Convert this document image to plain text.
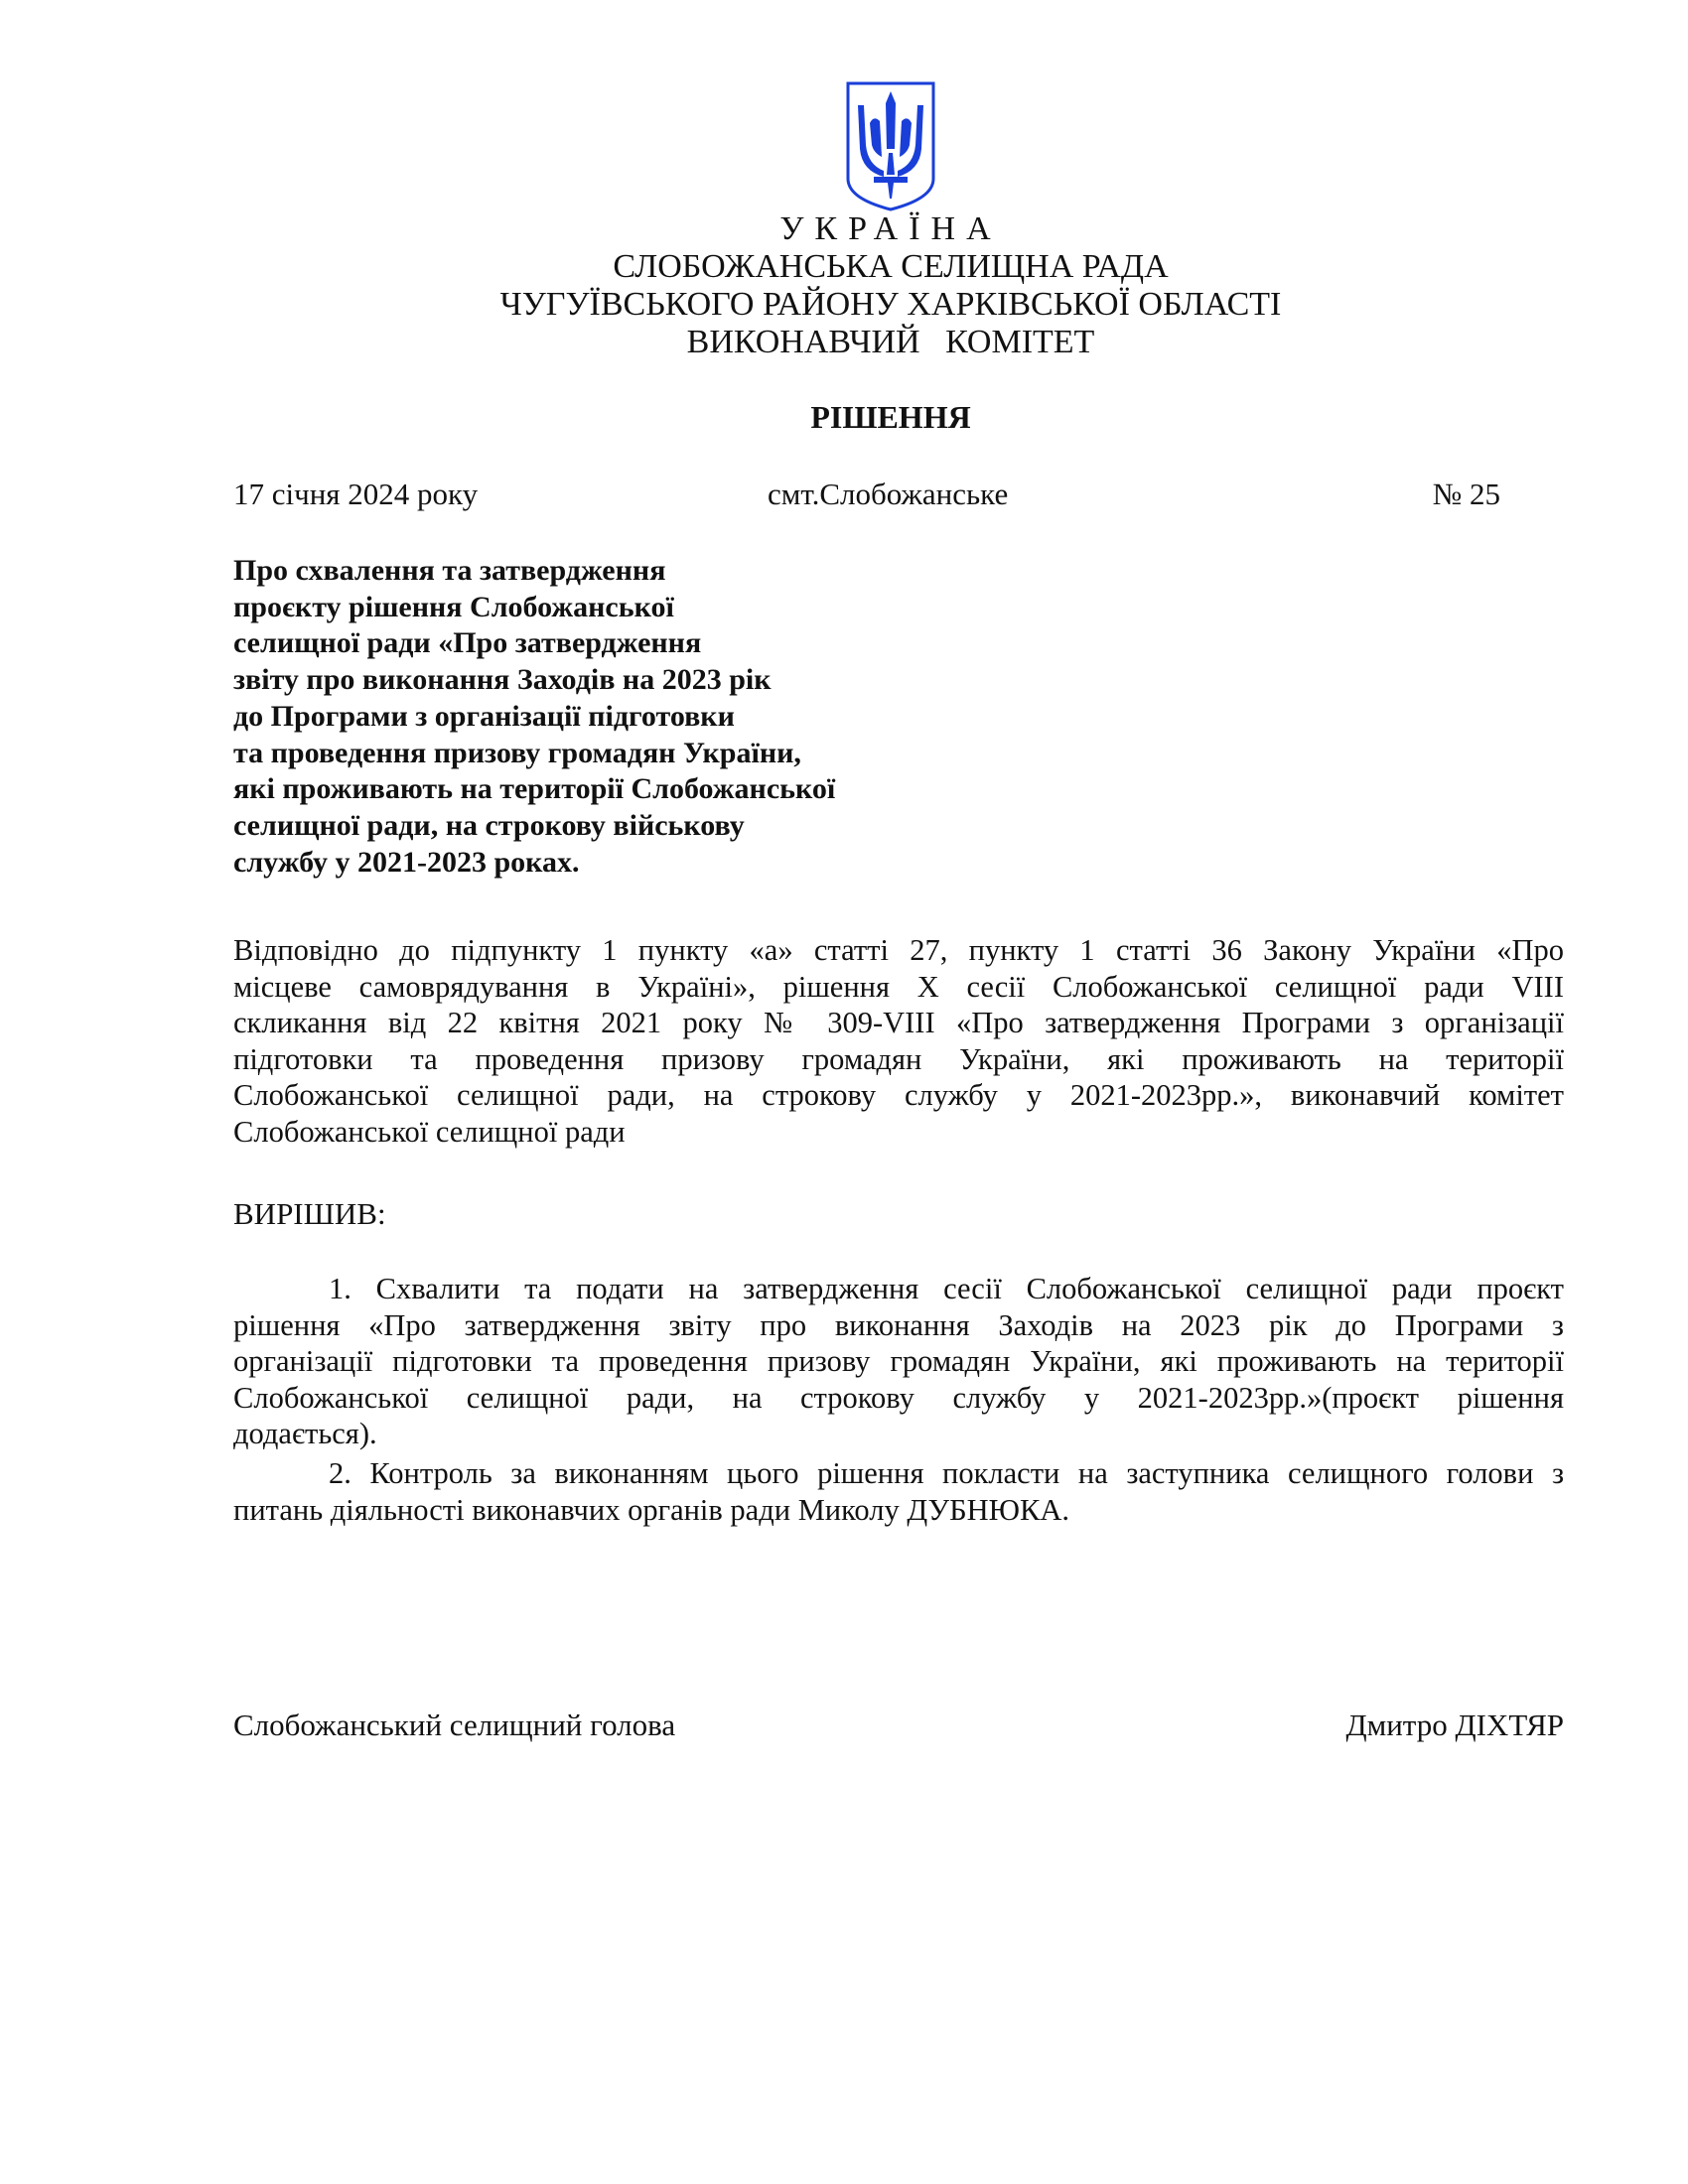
УКРАЇНА
СЛОБОЖАНСЬКА СЕЛИЩНА РАДА
ЧУГУЇВСЬКОГО РАЙОНУ ХАРКІВСЬКОЇ ОБЛАСТІ
ВИКОНАВЧИЙ   КОМІТЕТ
РІШЕННЯ
17 січня 2024 року	смт.Слобожанське	№ 25
Про схвалення та затвердження
проєкту рішення Слобожанської
селищної ради «Про затвердження
звіту про виконання Заходів на 2023 рік
до Програми з організації підготовки
та проведення призову громадян України,
які проживають на території Слобожанської
селищної ради, на строкову військову
службу у 2021-2023 роках.
Відповідно до підпункту 1 пункту «а» статті 27, пункту 1 статті 36 Закону України «Про
місцеве самоврядування в Україні», рішення X сесії Слобожанської селищної ради VIII
скликання від 22 квітня 2021 року № 309-VIII «Про затвердження Програми з організації
підготовки та проведення призову громадян України, які проживають на території
Слобожанської селищної ради, на строкову службу у 2021-2023рр.», виконавчий комітет
Слобожанської селищної ради
ВИРІШИВ:
1. Схвалити та подати на затвердження сесії Слобожанської селищної ради проєкт
рішення «Про затвердження звіту про виконання Заходів на 2023 рік до Програми з
організації підготовки та проведення призову громадян України, які проживають на території
Слобожанської селищної ради, на строкову службу у 2021-2023рр.»(проєкт рішення
додається).
2. Контроль за виконанням цього рішення покласти на заступника селищного голови з
питань діяльності виконавчих органів ради Миколу ДУБНЮКА.
Слобожанський селищний голова	Дмитро ДІХТЯР
